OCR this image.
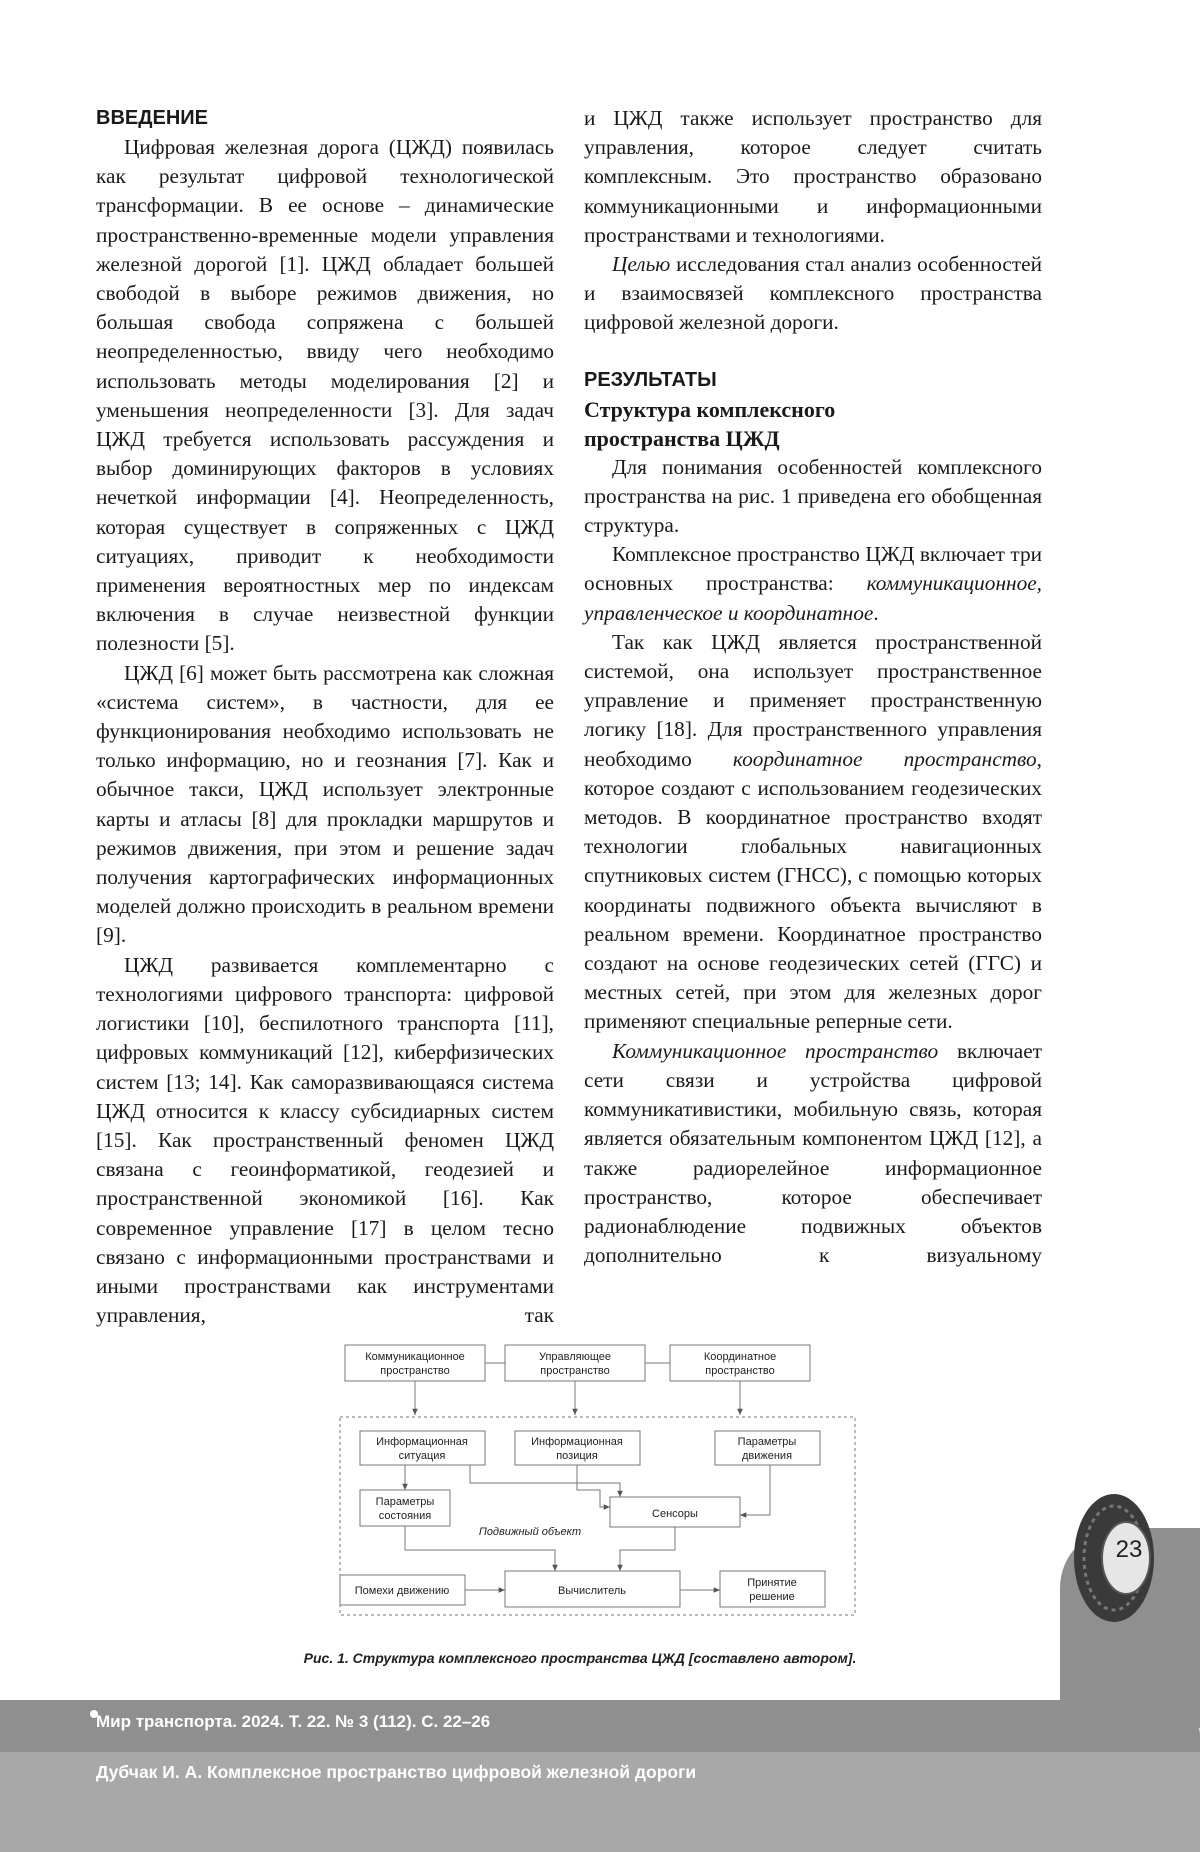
ВВЕДЕНИЕ

Цифровая железная дорога (ЦЖД) появилась как результат цифровой технологической трансформации. В ее основе – динамические пространственно-временные модели управления железной дорогой [1]. ЦЖД обладает большей свободой в выборе режимов движения, но большая свобода сопряжена с большей неопределенностью, ввиду чего необходимо использовать методы моделирования [2] и уменьшения неопределенности [3]. Для задач ЦЖД требуется использовать рассуждения и выбор доминирующих факторов в условиях нечеткой информации [4]. Неопределенность, которая существует в сопряженных с ЦЖД ситуациях, приводит к необходимости применения вероятностных мер по индексам включения в случае неизвестной функции полезности [5].

ЦЖД [6] может быть рассмотрена как сложная «система систем», в частности, для ее функционирования необходимо использовать не только информацию, но и геознания [7]. Как и обычное такси, ЦЖД использует электронные карты и атласы [8] для прокладки маршрутов и режимов движения, при этом и решение задач получения картографических информационных моделей должно происходить в реальном времени [9].

ЦЖД развивается комплементарно с технологиями цифрового транспорта: цифровой логистики [10], беспилотного транспорта [11], цифровых коммуникаций [12], киберфизических систем [13; 14]. Как саморазвивающаяся система ЦЖД относится к классу субсидиарных систем [15]. Как пространственный феномен ЦЖД связана с геоинформатикой, геодезией и пространственной экономикой [16]. Как современное управление [17] в целом тесно связано с информационными пространствами и иными пространствами как инструментами управления, так

и ЦЖД также использует пространство для управления, которое следует считать комплексным. Это пространство образовано коммуникационными и информационными пространствами и технологиями.

Целью исследования стал анализ особенностей и взаимосвязей комплексного пространства цифровой железной дороги.

РЕЗУЛЬТАТЫ

Структура комплексного

пространства ЦЖД

Для понимания особенностей комплексного пространства на рис. 1 приведена его обобщенная структура.

Комплексное пространство ЦЖД включает три основных пространства: коммуникационное, управленческое и координатное.

Так как ЦЖД является пространственной системой, она использует пространственное управление и применяет пространственную логику [18]. Для пространственного управления необходимо координатное пространство, которое создают с использованием геодезических методов. В координатное пространство входят технологии глобальных навигационных спутниковых систем (ГНСС), с помощью которых координаты подвижного объекта вычисляют в реальном времени. Координатное пространство создают на основе геодезических сетей (ГГС) и местных сетей, при этом для железных дорог применяют специальные реперные сети.

Коммуникационное пространство включает сети связи и устройства цифровой коммуникативистики, мобильную связь, которая является обязательным компонентом ЦЖД [12], а также радиорелейное информационное пространство, которое обеспечивает радионаблюдение подвижных объектов дополнительно к визуальному

Коммуникационное
пространство
Управляющее
пространство
Координатное
пространство
Информационная
ситуация
Информационная
позиция
Параметры
движения
Параметры
состояния	Сенсоры
Подвижный объект
Помехи движению	Вычислитель
Принятие
решение
Рис. 1. Структура комплексного пространства ЦЖД [составлено автором].
23
Мир транспорта. 2024. Т. 22. № 3 (112). С. 22–26
Дубчак И. А. Комплексное пространство цифровой железной дороги
